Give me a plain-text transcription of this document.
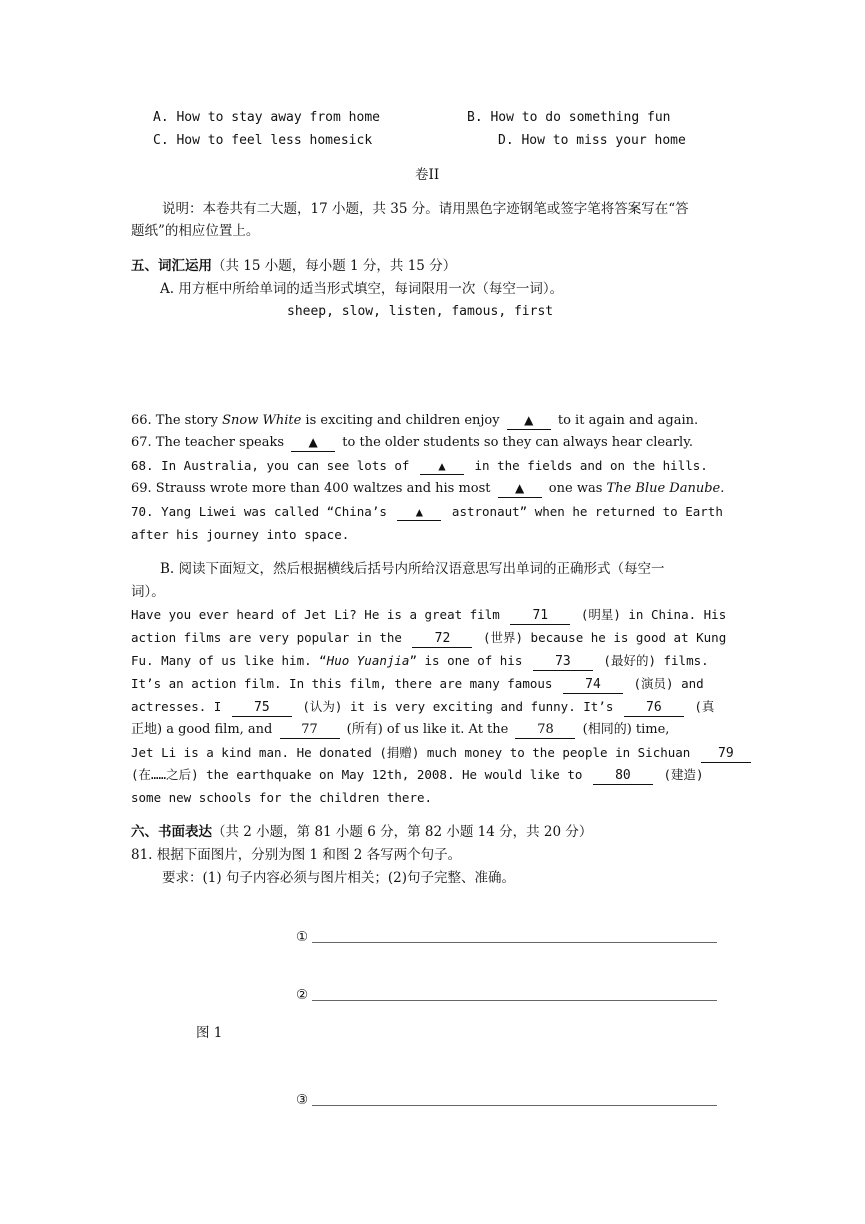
A. How to stay away from home	B. How to do something fun
C. How to feel less homesick	D. How to miss your home
卷II
说明：本卷共有二大题，17 小题，共 35 分。请用黑色字迹钢笔或签字笔将答案写在“答
题纸”的相应位置上。
五、词汇运用（共 15 小题，每小题 1 分，共 15 分）
A. 用方框中所给单词的适当形式填空，每词限用一次（每空一词）。
sheep, slow, listen, famous, first
66. The story Snow White is exciting and children enjoy ▲ to it again and again.
67. The teacher speaks ▲ to the older students so they can always hear clearly.
68. In Australia, you can see lots of ▲ in the fields and on the hills.
69. Strauss wrote more than 400 waltzes and his most ▲ one was The Blue Danube.
70. Yang Liwei was called “China’s ▲ astronaut” when he returned to Earth
after his journey into space.
B. 阅读下面短文，然后根据横线后括号内所给汉语意思写出单词的正确形式（每空一
词）。
Have you ever heard of Jet Li? He is a great film 71 (明星) in China. His
action films are very popular in the 72 (世界) because he is good at Kung
Fu. Many of us like him. “Huo Yuanjia” is one of his 73 (最好的) films.
It’s an action film. In this film, there are many famous 74 (演员) and
actresses. I 75 (认为) it is very exciting and funny. It’s 76 (真
正地) a good film, and 77 (所有) of us like it. At the 78 (相同的) time,
Jet Li is a kind man. He donated (捐赠) much money to the people in Sichuan 79
(在……之后) the earthquake on May 12th, 2008. He would like to 80 (建造)
some new schools for the children there.
六、书面表达（共 2 小题，第 81 小题 6 分，第 82 小题 14 分，共 20 分）
81. 根据下面图片，分别为图 1 和图 2 各写两个句子。
要求：(1) 句子内容必须与图片相关；(2)句子完整、准确。
①
②
图 1
③
